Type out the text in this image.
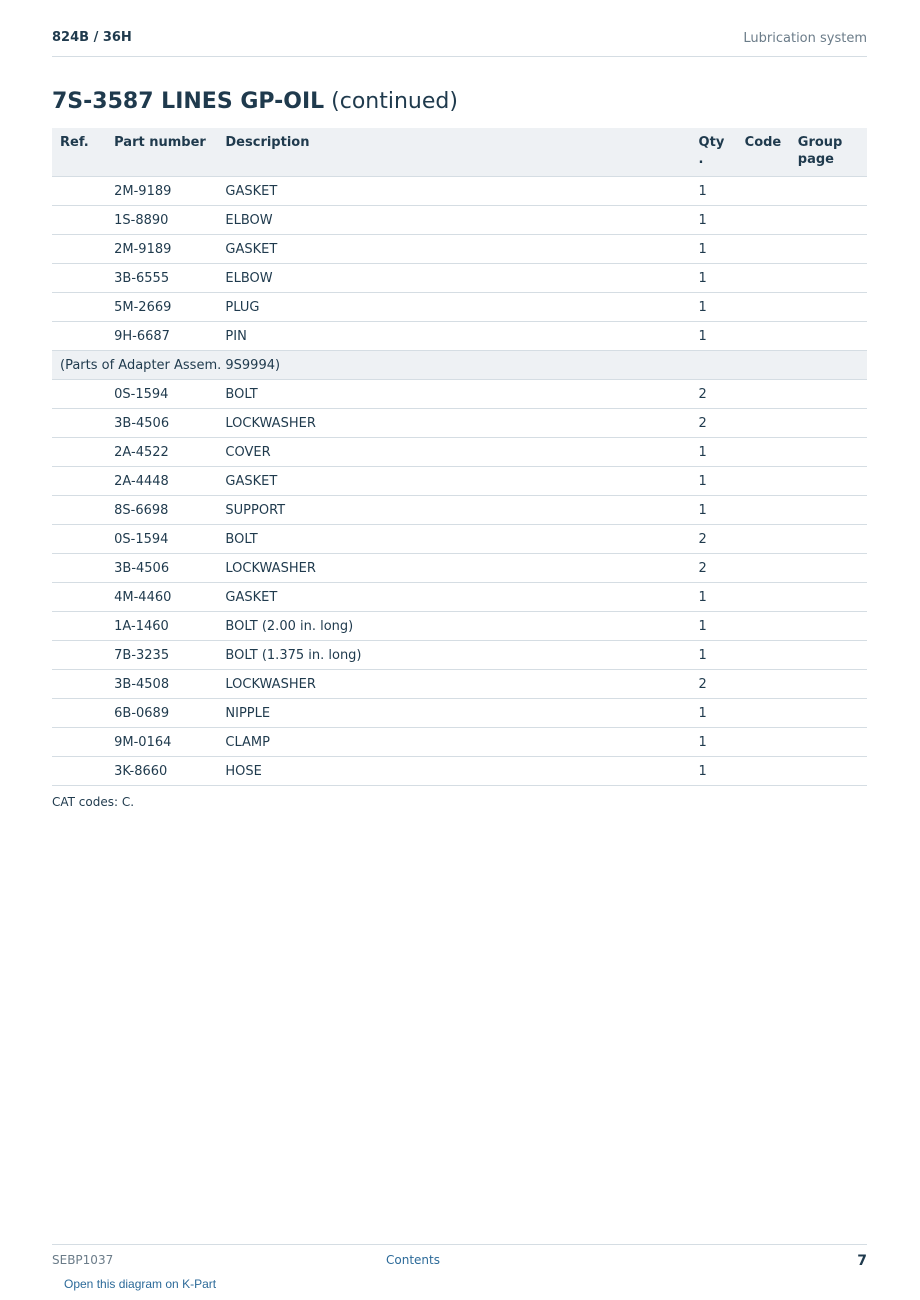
824B / 36H	Lubrication system
7S-3587 LINES GP-OIL (continued)
Ref.	Part number	Description	Qty .	Code	Group page
	2M-9189	GASKET	1		
	1S-8890	ELBOW	1		
	2M-9189	GASKET	1		
	3B-6555	ELBOW	1		
	5M-2669	PLUG	1		
	9H-6687	PIN	1		
(Parts of Adapter Assem. 9S9994)					
	0S-1594	BOLT	2		
	3B-4506	LOCKWASHER	2		
	2A-4522	COVER	1		
	2A-4448	GASKET	1		
	8S-6698	SUPPORT	1		
	0S-1594	BOLT	2		
	3B-4506	LOCKWASHER	2		
	4M-4460	GASKET	1		
	1A-1460	BOLT (2.00 in. long)	1		
	7B-3235	BOLT (1.375 in. long)	1		
	3B-4508	LOCKWASHER	2		
	6B-0689	NIPPLE	1		
	9M-0164	CLAMP	1		
	3K-8660	HOSE	1		
CAT codes: C.
SEBP1037	Contents	7
Open this diagram on K-Part
